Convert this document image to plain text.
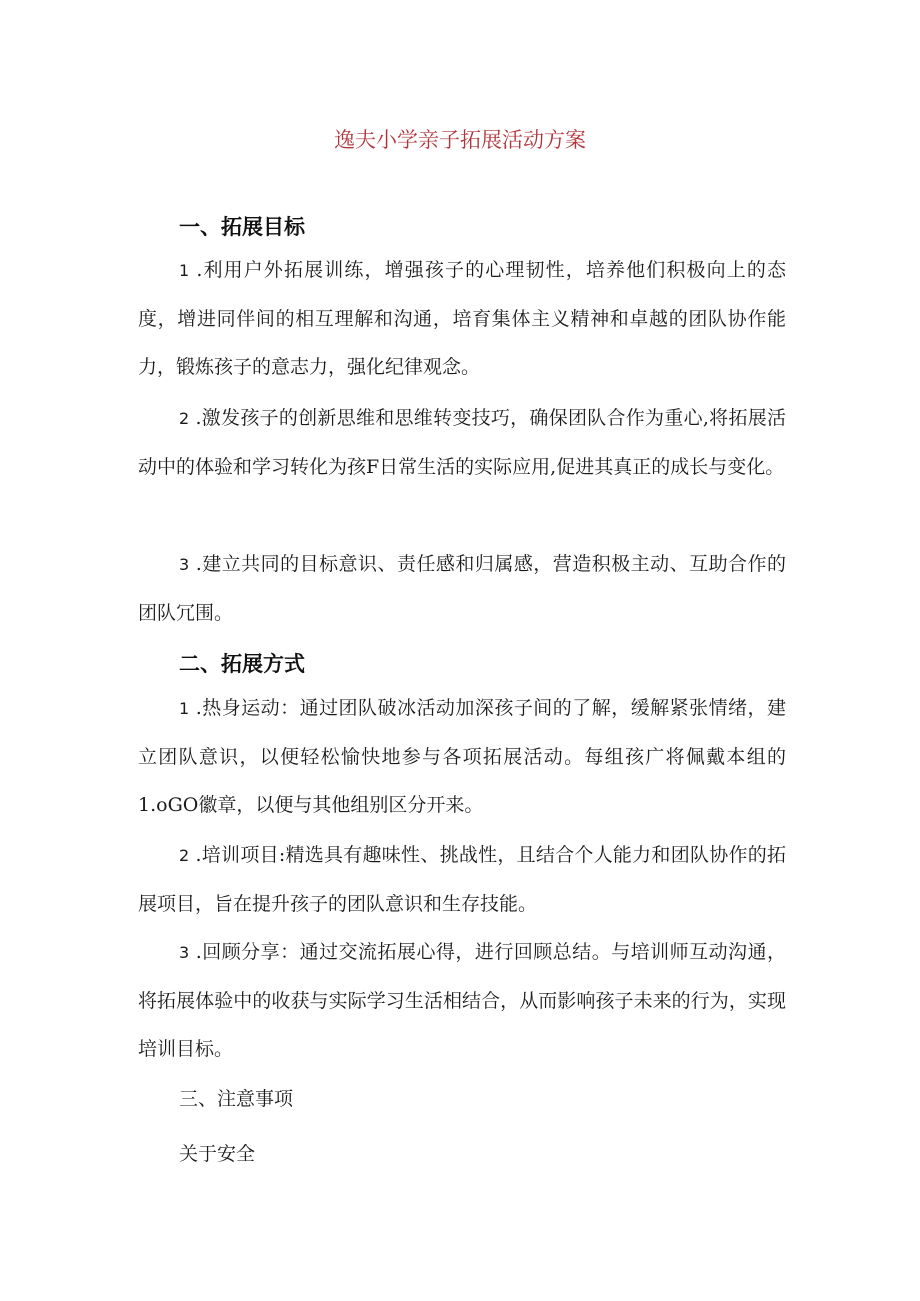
逸夫小学亲子拓展活动方案
一、拓展目标

1 .利用户外拓展训练，增强孩子的心理韧性，培养他们积极向上的态度，增进同伴间的相互理解和沟通，培育集体主义精神和卓越的团队协作能力，锻炼孩子的意志力，强化纪律观念。

2 .激发孩子的创新思维和思维转变技巧，确保团队合作为重心,将拓展活动中的体验和学习转化为孩F日常生活的实际应用,促进其真正的成长与变化。

3 .建立共同的目标意识、责任感和归属感，营造积极主动、互助合作的团队冗围。

二、拓展方式

1 .热身运动：通过团队破冰活动加深孩子间的了解，缓解紧张情绪，建立团队意识，以便轻松愉快地参与各项拓展活动。每组孩广将佩戴本组的1.oGO徽章，以便与其他组别区分开来。

2 .培训项目:精选具有趣味性、挑战性，且结合个人能力和团队协作的拓展项目，旨在提升孩子的团队意识和生存技能。

3 .回顾分享：通过交流拓展心得，进行回顾总结。与培训师互动沟通，将拓展体验中的收获与实际学习生活相结合，从而影响孩子未来的行为，实现培训目标。

三、注意事项

关于安全
